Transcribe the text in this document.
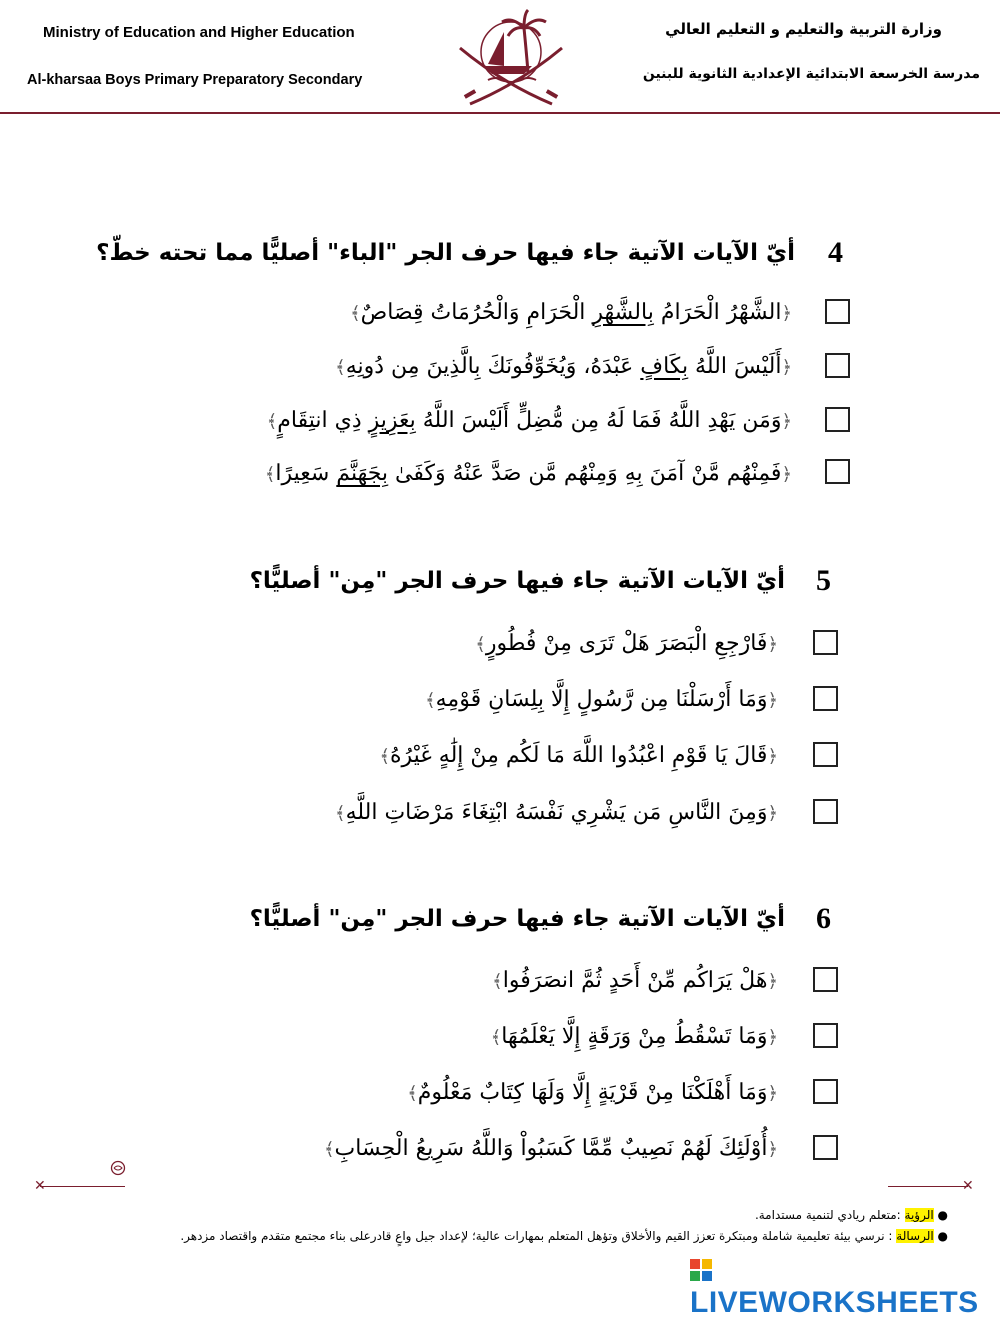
Ministry of Education and Higher Education
Al-kharsaa Boys Primary Preparatory Secondary
وزارة التربية والتعليم و التعليم العالي
مدرسة الخرسعة الابتدائية الإعدادية الثانوية للبنين
4
أيّ الآيات الآتية جاء فيها حرف الجر "الباء" أصليًّا مما تحته خطّ؟
﴿الشَّهْرُ الْحَرَامُ بِالشَّهْرِ الْحَرَامِ وَالْحُرُمَاتُ قِصَاصٌ﴾
﴿أَلَيْسَ اللَّهُ بِكَافٍ عَبْدَهُ، وَيُخَوِّفُونَكَ بِالَّذِينَ مِن دُونِهِ﴾
﴿وَمَن يَهْدِ اللَّهُ فَمَا لَهُ مِن مُّضِلٍّ أَلَيْسَ اللَّهُ بِعَزِيزٍ ذِي انتِقَامٍ﴾
﴿فَمِنْهُم مَّنْ آمَنَ بِهِ وَمِنْهُم مَّن صَدَّ عَنْهُ وَكَفَىٰ بِجَهَنَّمَ سَعِيرًا﴾
5
أيّ الآيات الآتية جاء فيها حرف الجر "مِن" أصليًّا؟
﴿فَارْجِعِ الْبَصَرَ هَلْ تَرَى مِنْ فُطُورٍ﴾
﴿وَمَا أَرْسَلْنَا مِن رَّسُولٍ إِلَّا بِلِسَانِ قَوْمِهِ﴾
﴿قَالَ يَا قَوْمِ اعْبُدُوا اللَّهَ مَا لَكُم مِنْ إِلَٰهٍ غَيْرُهُ﴾
﴿وَمِنَ النَّاسِ مَن يَشْرِي نَفْسَهُ ابْتِغَاءَ مَرْضَاتِ اللَّهِ﴾
6
أيّ الآيات الآتية جاء فيها حرف الجر "مِن" أصليًّا؟
﴿هَلْ يَرَاكُم مِّنْ أَحَدٍ ثُمَّ انصَرَفُوا﴾
﴿وَمَا تَسْقُطُ مِنْ وَرَقَةٍ إِلَّا يَعْلَمُهَا﴾
﴿وَمَا أَهْلَكْنَا مِنْ قَرْيَةٍ إِلَّا وَلَهَا كِتَابٌ مَعْلُومٌ﴾
﴿أُوْلَئِكَ لَهُمْ نَصِيبٌ مِّمَّا كَسَبُواْ وَاللَّهُ سَرِيعُ الْحِسَابِ﴾
✕	✕
● الرؤية :متعلم ريادي لتنمية مستدامة.
● الرسالة : نرسي بيئة تعليمية شاملة ومبتكرة تعزز القيم والأخلاق وتؤهل المتعلم بمهارات عالية؛ لإعداد جيل واعٍ قادرعلى بناء مجتمع متقدم واقتصاد مزدهر.
LIVEWORKSHEETS
